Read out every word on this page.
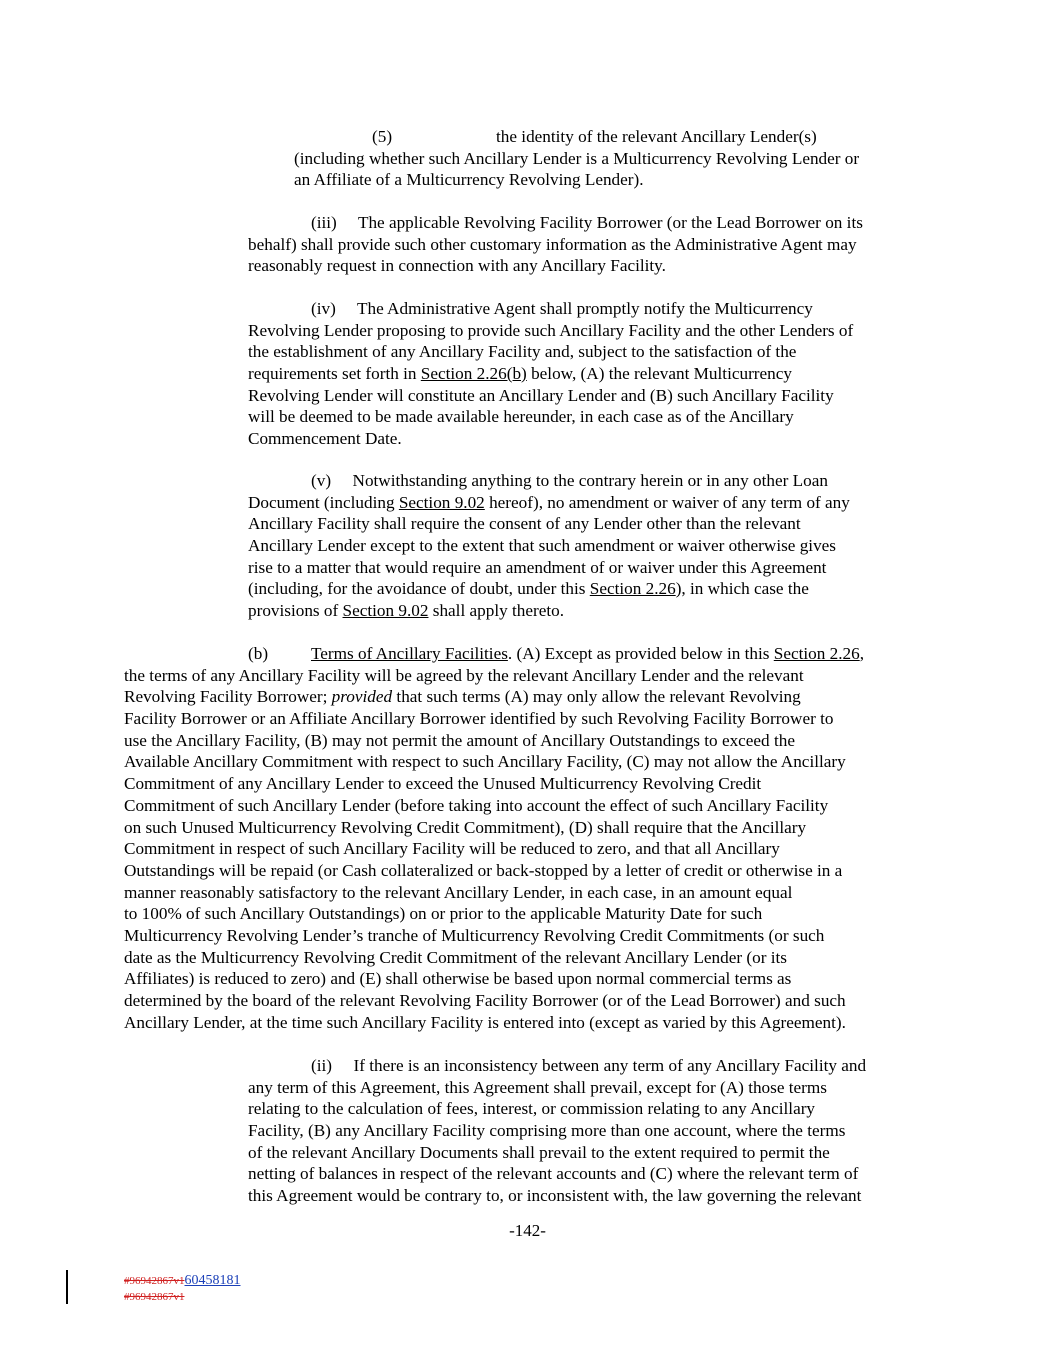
(5)	the identity of the relevant Ancillary Lender(s)
(including whether such Ancillary Lender is a Multicurrency Revolving Lender or
an Affiliate of a Multicurrency Revolving Lender).
(iii)  The applicable Revolving Facility Borrower (or the Lead Borrower on its
behalf) shall provide such other customary information as the Administrative Agent may
reasonably request in connection with any Ancillary Facility.
(iv)  The Administrative Agent shall promptly notify the Multicurrency
Revolving Lender proposing to provide such Ancillary Facility and the other Lenders of
the establishment of any Ancillary Facility and, subject to the satisfaction of the
requirements set forth in Section 2.26(b) below, (A) the relevant Multicurrency
Revolving Lender will constitute an Ancillary Lender and (B) such Ancillary Facility
will be deemed to be made available hereunder, in each case as of the Ancillary
Commencement Date.
(v)  Notwithstanding anything to the contrary herein or in any other Loan
Document (including Section 9.02 hereof), no amendment or waiver of any term of any
Ancillary Facility shall require the consent of any Lender other than the relevant
Ancillary Lender except to the extent that such amendment or waiver otherwise gives
rise to a matter that would require an amendment of or waiver under this Agreement
(including, for the avoidance of doubt, under this Section 2.26), in which case the
provisions of Section 9.02 shall apply thereto.
(b) Terms of Ancillary Facilities. (A) Except as provided below in this Section 2.26,
the terms of any Ancillary Facility will be agreed by the relevant Ancillary Lender and the relevant
Revolving Facility Borrower; provided that such terms (A) may only allow the relevant Revolving
Facility Borrower or an Affiliate Ancillary Borrower identified by such Revolving Facility Borrower to
use the Ancillary Facility, (B) may not permit the amount of Ancillary Outstandings to exceed the
Available Ancillary Commitment with respect to such Ancillary Facility, (C) may not allow the Ancillary
Commitment of any Ancillary Lender to exceed the Unused Multicurrency Revolving Credit
Commitment of such Ancillary Lender (before taking into account the effect of such Ancillary Facility
on such Unused Multicurrency Revolving Credit Commitment), (D) shall require that the Ancillary
Commitment in respect of such Ancillary Facility will be reduced to zero, and that all Ancillary
Outstandings will be repaid (or Cash collateralized or back-stopped by a letter of credit or otherwise in a
manner reasonably satisfactory to the relevant Ancillary Lender, in each case, in an amount equal
to 100% of such Ancillary Outstandings) on or prior to the applicable Maturity Date for such
Multicurrency Revolving Lender’s tranche of Multicurrency Revolving Credit Commitments (or such
date as the Multicurrency Revolving Credit Commitment of the relevant Ancillary Lender (or its
Affiliates) is reduced to zero) and (E) shall otherwise be based upon normal commercial terms as
determined by the board of the relevant Revolving Facility Borrower (or of the Lead Borrower) and such
Ancillary Lender, at the time such Ancillary Facility is entered into (except as varied by this Agreement).
(ii)  If there is an inconsistency between any term of any Ancillary Facility and
any term of this Agreement, this Agreement shall prevail, except for (A) those terms
relating to the calculation of fees, interest, or commission relating to any Ancillary
Facility, (B) any Ancillary Facility comprising more than one account, where the terms
of the relevant Ancillary Documents shall prevail to the extent required to permit the
netting of balances in respect of the relevant accounts and (C) where the relevant term of
this Agreement would be contrary to, or inconsistent with, the law governing the relevant
-142-
#96942867v160458181
#96942867v1
